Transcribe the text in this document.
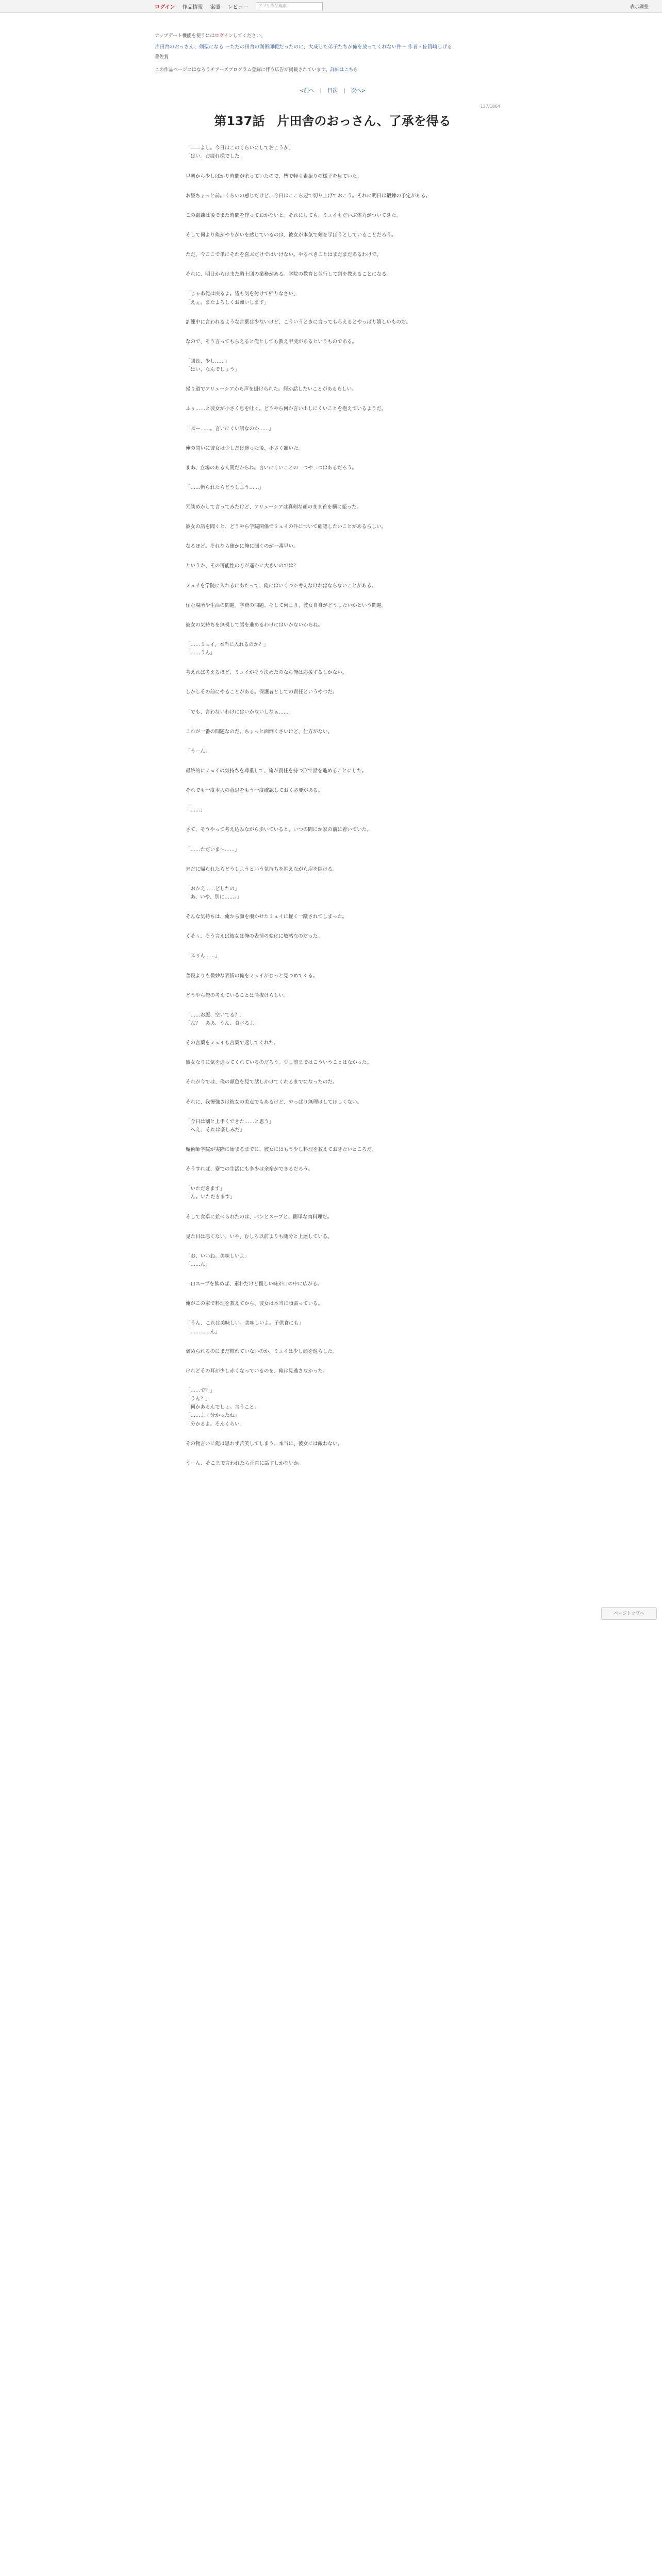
ログイン 作品情報 案照 レビュー	アプリ作品検索	表示調整
アップデート機能を使うにはログインしてください。
片田舎のおっさん、剣聖になる ～ただの田舎の剣術師範だったのに、大成した弟子たちが俺を放ってくれない件～ 作者・佐賀崎しげる
著佐賀
この作品ページにはなろうチアーズプログラム登録に伴う広告が掲載されています。詳細はこちら
<前へ | 目次 | 次へ>
137/1864
第137話　片田舎のおっさん、了承を得る

「――よし。今日はこのくらいにしておこうか」
「はい。お疲れ様でした」

早朝から少しばかり時間が余っていたので、皆で軽く素振りの様子を見ていた。

お昼ちょっと前。くらいの感じだけど、今日はここら辺で切り上げておこう。それに明日は鍛錬の予定がある。

この鍛錬は後でまた時間を作っておかないと。それにしても、ミュイもだいぶ体力がついてきた。

そして何より俺がやりがいを感じているのは、彼女が本気で剣を学ぼうとしていることだろう。

ただ、今ここで単にそれを喜ぶだけではいけない。やるべきことはまだまだあるわけで。

それに、明日からはまた騎士団の業務がある。学院の教育と並行して剣を教えることになる。

「じゃあ俺は戻るよ。皆も気を付けて帰りなさい」
「えぇ、またよろしくお願いします」

訓練中に言われるような言葉は少ないけど、こういうときに言ってもらえるとやっぱり嬉しいものだ。

なので、そう言ってもらえると俺としても教え甲斐があるというものである。

「団長、少し……」
「はい、なんでしょう」

帰り道でアリューシアから声を掛けられた。何か話したいことがあるらしい。

ふぅ……と彼女が小さく息を吐く。どうやら何か言い出しにくいことを抱えているようだ。

「ぶー……。言いにくい話なのか……」

俺の問いに彼女は少しだけ迷った後、小さく頷いた。

まあ、立場のある人間だからね。言いにくいことの一つや二つはあるだろう。

「……斬られたらどうしよう……」

冗談めかして言ってみたけど、アリューシアは真剣な顔のまま首を横に振った。

彼女の話を聞くと、どうやら学院関係でミュイの件について確認したいことがあるらしい。

なるほど。それなら確かに俺に聞くのが一番早い。

というか、その可能性の方が遥かに大きいのでは？

ミュイを学院に入れるにあたって、俺にはいくつか考えなければならないことがある。

住む場所や生活の問題。学費の問題。そして何より、彼女自身がどうしたいかという問題。

彼女の気持ちを無視して話を進めるわけにはいかないからね。

「……ミュイ、本当に入れるのか？」
「……うん」

考えれば考えるほど、ミュイがそう決めたのなら俺は応援するしかない。

しかしその前にやることがある。保護者としての責任というやつだ。

「でも、言わないわけにはいかないしなぁ……」

これが一番の問題なのだ。ちょっと面倒くさいけど、仕方がない。

「うーん」

最終的にミュイの気持ちを尊重して、俺が責任を持つ形で話を進めることにした。

それでも一度本人の意思をもう一度確認しておく必要がある。

「……」

さて、そうやって考え込みながら歩いていると、いつの間にか家の前に着いていた。

「……ただいま～……」

未だに帰られたらどうしようという気持ちを抱えながら扉を開ける。

「おかえ……どしたの」
「あ、いや、別に……。」

そんな気持ちは、俺から顔を覗かせたミュイに軽く一蹴されてしまった。

くそぅ、そう言えば彼女は俺の表情の変化に敏感なのだった。

「ふぅん……」

普段よりも微妙な表情の俺をミュイがじっと見つめてくる。

どうやら俺の考えていることは筒抜けらしい。

「……お腹、空いてる？」
「ん？　ああ、うん、食べるよ」

その言葉をミュイも言葉で返してくれた。

彼女なりに気を遣ってくれているのだろう。少し前まではこういうことはなかった。

それが今では、俺の顔色を見て話しかけてくれるまでになったのだ。

それに、我慢強さは彼女の美点でもあるけど、やっぱり無理はしてほしくない。

「今日は割と上手くできた……と思う」
「へえ、それは楽しみだ」

魔術師学院が実際に始まるまでに、彼女にはもう少し料理を教えておきたいところだ。

そうすれば、寮での生活にも多少は余裕ができるだろう。

「いただきます」
「ん。いただきます」

そして食卓に並べられたのは、パンとスープと、簡単な肉料理だ。

見た目は悪くない。いや、むしろ以前よりも随分と上達している。

「お、いいね。美味しいよ」
「……ん」

一口スープを飲めば、素朴だけど優しい味が口の中に広がる。

俺がこの家で料理を教えてから、彼女は本当に頑張っている。

「うん、これは美味しい。美味しいよ。子供食にも」
「…………ん」

褒められるのにまだ慣れていないのか、ミュイは少し顔を逸らした。

けれどその耳が少し赤くなっているのを、俺は見逃さなかった。

「……で？」
「うん？」
「何かあるんでしょ。言うこと」
「……よく分かったね」
「分かるよ。そんくらい」

その物言いに俺は思わず苦笑してしまう。本当に、彼女には敵わない。

うーん、そこまで言われたら正直に話すしかないか。

ページトップへ
